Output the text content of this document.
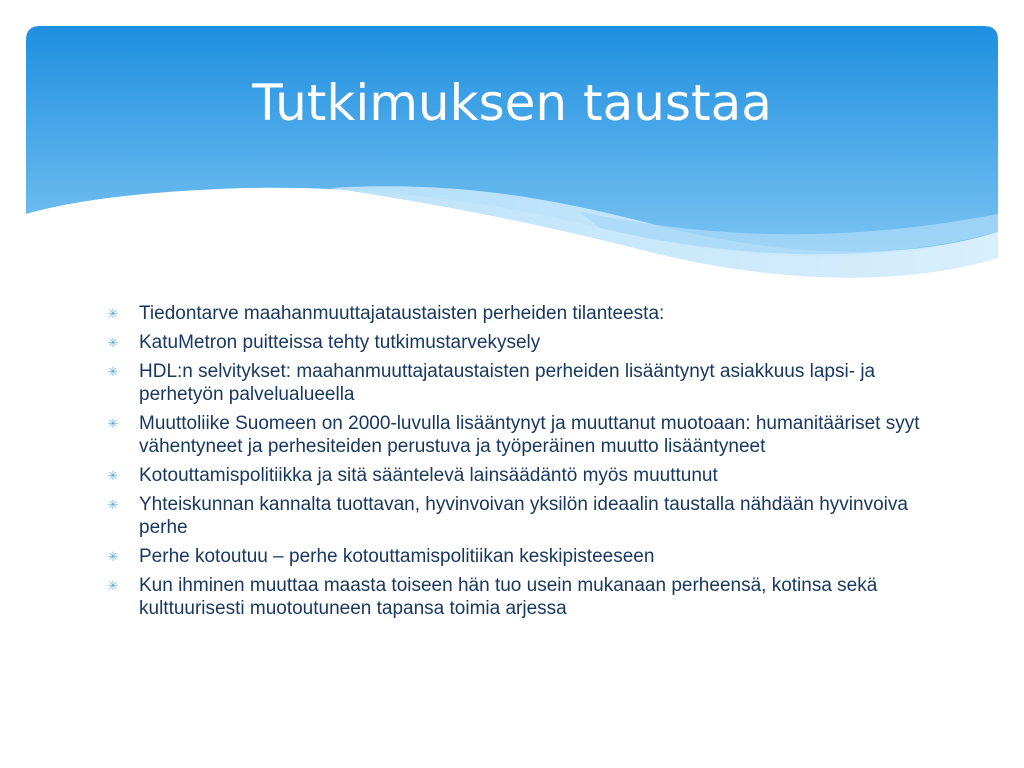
Tutkimuksen taustaa
✳ Tiedontarve maahanmuuttajataustaisten perheiden tilanteesta:
✳ KatuMetron puitteissa tehty tutkimustarvekysely
✳ HDL:n selvitykset: maahanmuuttajataustaisten perheiden lisääntynyt asiakkuus lapsi- ja perhetyön palvelualueella
✳ Muuttoliike Suomeen on 2000-luvulla lisääntynyt ja muuttanut muotoaan: humanitääriset syyt vähentyneet ja perhesiteiden perustuva ja työperäinen muutto lisääntyneet
✳ Kotouttamispolitiikka ja sitä sääntelevä lainsäädäntö myös muuttunut
✳ Yhteiskunnan kannalta tuottavan, hyvinvoivan yksilön ideaalin taustalla nähdään hyvinvoiva perhe
✳ Perhe kotoutuu – perhe kotouttamispolitiikan keskipisteeseen
✳ Kun ihminen muuttaa maasta toiseen hän tuo usein mukanaan perheensä, kotinsa sekä kulttuurisesti muotoutuneen tapansa toimia arjessa
